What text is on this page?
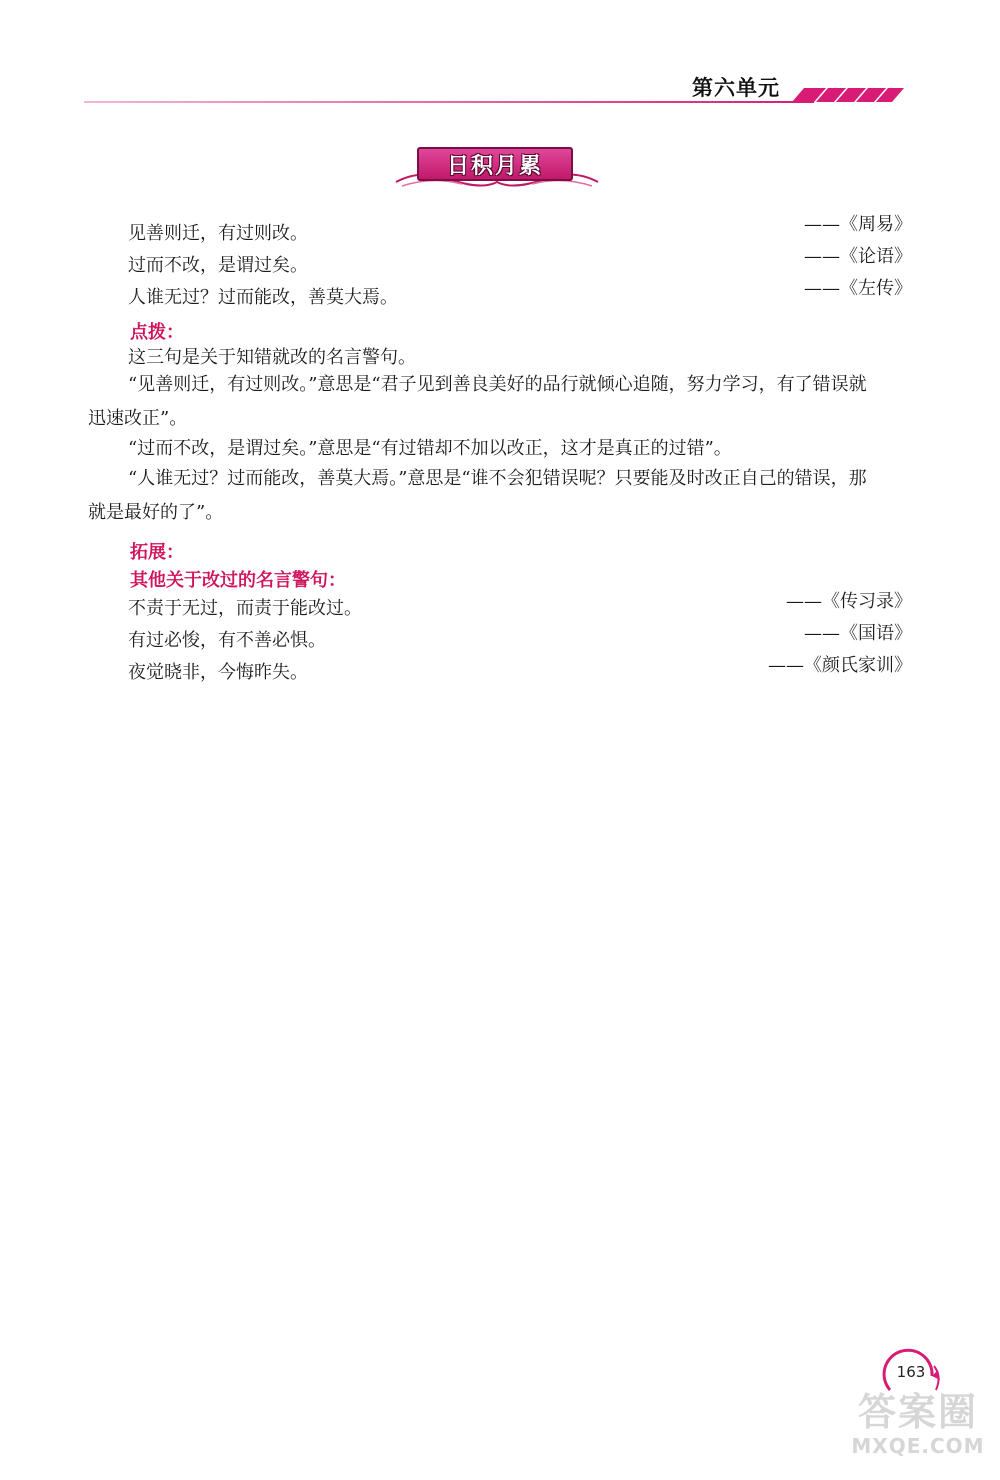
第六单元
日积月累
见善则迁，有过则改。	——《周易》
过而不改，是谓过矣。	——《论语》
人谁无过？过而能改，善莫大焉。	——《左传》
点拨：
这三句是关于知错就改的名言警句。
“见善则迁，有过则改。”意思是“君子见到善良美好的品行就倾心追随，努力学习，有了错误就迅速改正”。
“过而不改，是谓过矣。”意思是“有过错却不加以改正，这才是真正的过错”。
“人谁无过？过而能改，善莫大焉。”意思是“谁不会犯错误呢？只要能及时改正自己的错误，那就是最好的了”。
拓展：
其他关于改过的名言警句：
不责于无过，而责于能改过。	——《传习录》
有过必悛，有不善必惧。	——《国语》
夜觉晓非，今悔昨失。	——《颜氏家训》
163
答案圈
MXQE.COM
